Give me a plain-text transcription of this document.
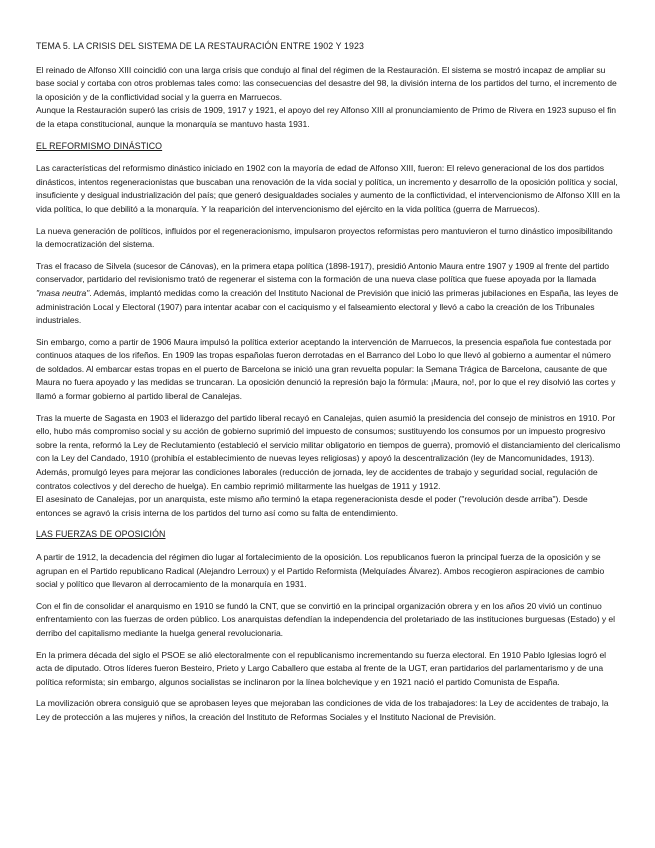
TEMA 5. LA CRISIS DEL SISTEMA DE LA RESTAURACIÓN ENTRE 1902 Y 1923

El reinado de Alfonso XIII coincidió con una larga crisis que condujo al final del régimen de la Restauración. El sistema se mostró incapaz de ampliar su base social y cortaba con otros problemas tales como: las consecuencias del desastre del 98, la división interna de los partidos del turno, el incremento de la oposición y de la conflictividad social y la guerra en Marruecos.

Aunque la Restauración superó las crisis de 1909, 1917 y 1921, el apoyo del rey Alfonso XIII al pronunciamiento de Primo de Rivera en 1923 supuso el fin de la etapa constitucional, aunque la monarquía se mantuvo hasta 1931.

EL REFORMISMO DINÁSTICO

Las características del reformismo dinástico iniciado en 1902 con la mayoría de edad de Alfonso XIII, fueron: El relevo generacional de los dos partidos dinásticos, intentos regeneracionistas que buscaban una renovación de la vida social y política, un incremento y desarrollo de la oposición política y social, insuficiente y desigual industrialización del país; que generó desigualdades sociales y aumento de la conflictividad, el intervencionismo de Alfonso XIII en la vida política, lo que debilitó a la monarquía. Y la reaparición del intervencionismo del ejército en la vida política (guerra de Marruecos).

La nueva generación de políticos, influidos por el regeneracionismo, impulsaron proyectos reformistas pero mantuvieron el turno dinástico imposibilitando la democratización del sistema.

Tras el fracaso de Silvela (sucesor de Cánovas), en la primera etapa política (1898-1917), presidió Antonio Maura entre 1907 y 1909 al frente del partido conservador, partidario del revisionismo trató de regenerar el sistema con la formación de una nueva clase política que fuese apoyada por la llamada "masa neutra". Además, implantó medidas como la creación del Instituto Nacional de Previsión que inició las primeras jubilaciones en España, las leyes de administración Local y Electoral (1907) para intentar acabar con el caciquismo y el falseamiento electoral y llevó a cabo la creación de los Tribunales industriales.

Sin embargo, como a partir de 1906 Maura impulsó la política exterior aceptando la intervención de Marruecos, la presencia española fue contestada por continuos ataques de los rifeños. En 1909 las tropas españolas fueron derrotadas en el Barranco del Lobo lo que llevó al gobierno a aumentar el número de soldados. Al embarcar estas tropas en el puerto de Barcelona se inició una gran revuelta popular: la Semana Trágica de Barcelona, causante de que Maura no fuera apoyado y las medidas se truncaran. La oposición denunció la represión bajo la fórmula: ¡Maura, no!, por lo que el rey disolvió las cortes y llamó a formar gobierno al partido liberal de Canalejas.

Tras la muerte de Sagasta en 1903 el liderazgo del partido liberal recayó en Canalejas, quien asumió la presidencia del consejo de ministros en 1910. Por ello, hubo más compromiso social y su acción de gobierno suprimió del impuesto de consumos; sustituyendo los consumos por un impuesto progresivo sobre la renta, reformó la Ley de Reclutamiento (estableció el servicio militar obligatorio en tiempos de guerra), promovió el distanciamiento del clericalismo con la Ley del Candado, 1910 (prohibía el establecimiento de nuevas leyes religiosas) y apoyó la descentralización (ley de Mancomunidades, 1913). Además, promulgó leyes para mejorar las condiciones laborales (reducción de jornada, ley de accidentes de trabajo y seguridad social, regulación de contratos colectivos y del derecho de huelga). En cambio reprimió militarmente las huelgas de 1911 y 1912.

El asesinato de Canalejas, por un anarquista, este mismo año terminó la etapa regeneracionista desde el poder ("revolución desde arriba"). Desde entonces se agravó la crisis interna de los partidos del turno así como su falta de entendimiento.

LAS FUERZAS DE OPOSICIÓN

A partir de 1912, la decadencia del régimen dio lugar al fortalecimiento de la oposición. Los republicanos fueron la principal fuerza de la oposición y se agrupan en el Partido republicano Radical (Alejandro Lerroux) y el Partido Reformista (Melquíades Álvarez). Ambos recogieron aspiraciones de cambio social y político que llevaron al derrocamiento de la monarquía en 1931.

Con el fin de consolidar el anarquismo en 1910 se fundó la CNT, que se convirtió en la principal organización obrera y en los años 20 vivió un continuo enfrentamiento con las fuerzas de orden público. Los anarquistas defendían la independencia del proletariado de las instituciones burguesas (Estado) y el derribo del capitalismo mediante la huelga general revolucionaria.

En la primera década del siglo el PSOE se alió electoralmente con el republicanismo incrementando su fuerza electoral. En 1910 Pablo Iglesias logró el acta de diputado. Otros líderes fueron Besteiro, Prieto y Largo Caballero que estaba al frente de la UGT, eran partidarios del parlamentarismo y de una política reformista; sin embargo, algunos socialistas se inclinaron por la línea bolchevique y en 1921 nació el partido Comunista de España.

La movilización obrera consiguió que se aprobasen leyes que mejoraban las condiciones de vida de los trabajadores: la Ley de accidentes de trabajo, la Ley de protección a las mujeres y niños, la creación del Instituto de Reformas Sociales y el Instituto Nacional de Previsión.
